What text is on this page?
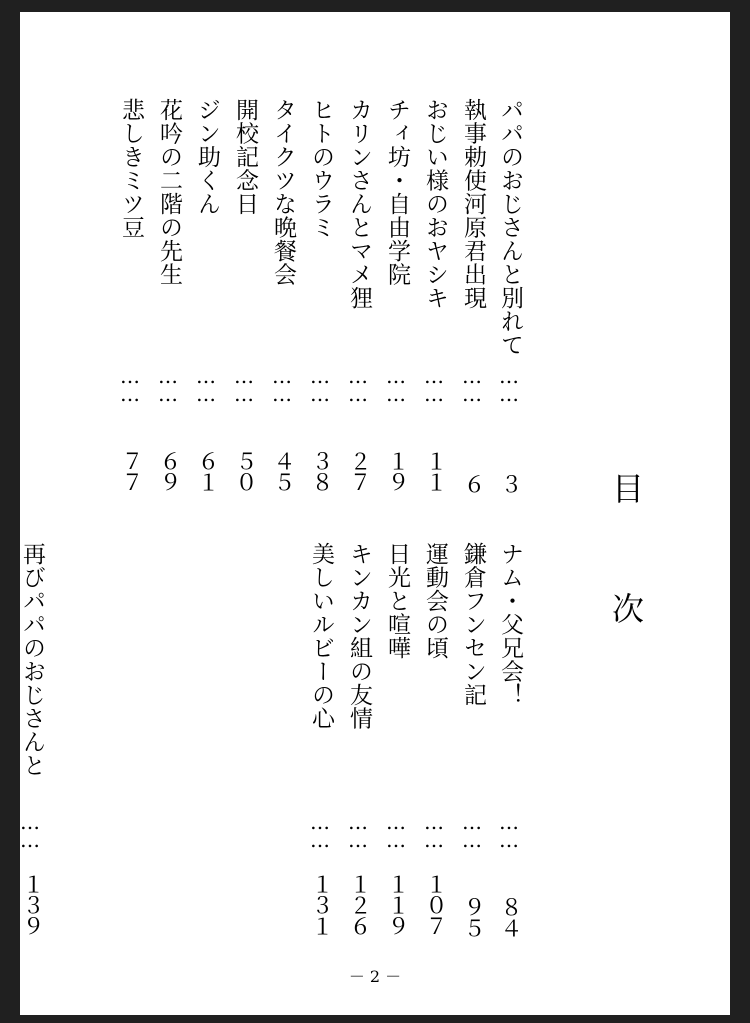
目　次
パパのおじさんと別れて
……
３
執事勅使河原君出現
……
６
おじい様のおヤシキ
……
１１
チィ坊・自由学院
……
１９
カリンさんとマメ狸
……
２７
ヒトのウラミ
……
３８
タイクツな晩餐会
……
４５
開校記念日
……
５０
ジン助くん
……
６１
花吟の二階の先生
……
６９
悲しきミツ豆
……
７７
ナム・父兄会！
……
８４
鎌倉フンセン記
……
９５
運動会の頃
……
１０７
日光と喧嘩
……
１１９
キンカン組の友情
……
１２６
美しいルビーの心
……
１３１
再びパパのおじさんと
……
１３９
－ 2 －
